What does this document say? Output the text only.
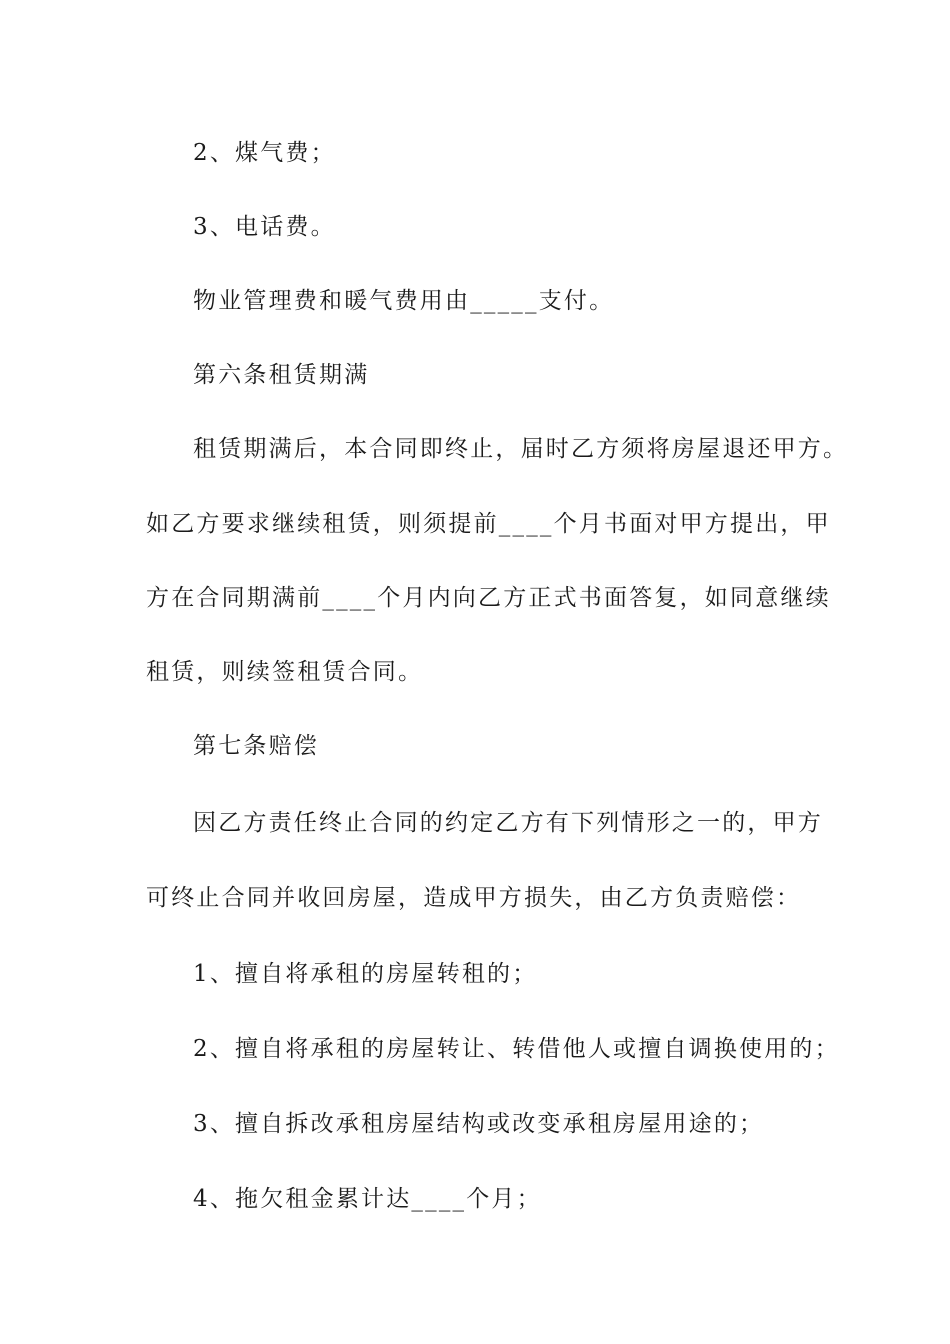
2、煤气费；
3、电话费。
物业管理费和暖气费用由_____支付。
第六条租赁期满
租赁期满后，本合同即终止，届时乙方须将房屋退还甲方。
如乙方要求继续租赁，则须提前____个月书面对甲方提出，甲
方在合同期满前____个月内向乙方正式书面答复，如同意继续
租赁，则续签租赁合同。
第七条赔偿
因乙方责任终止合同的约定乙方有下列情形之一的，甲方
可终止合同并收回房屋，造成甲方损失，由乙方负责赔偿：
1、擅自将承租的房屋转租的；
2、擅自将承租的房屋转让、转借他人或擅自调换使用的；
3、擅自拆改承租房屋结构或改变承租房屋用途的；
4、拖欠租金累计达____个月；
